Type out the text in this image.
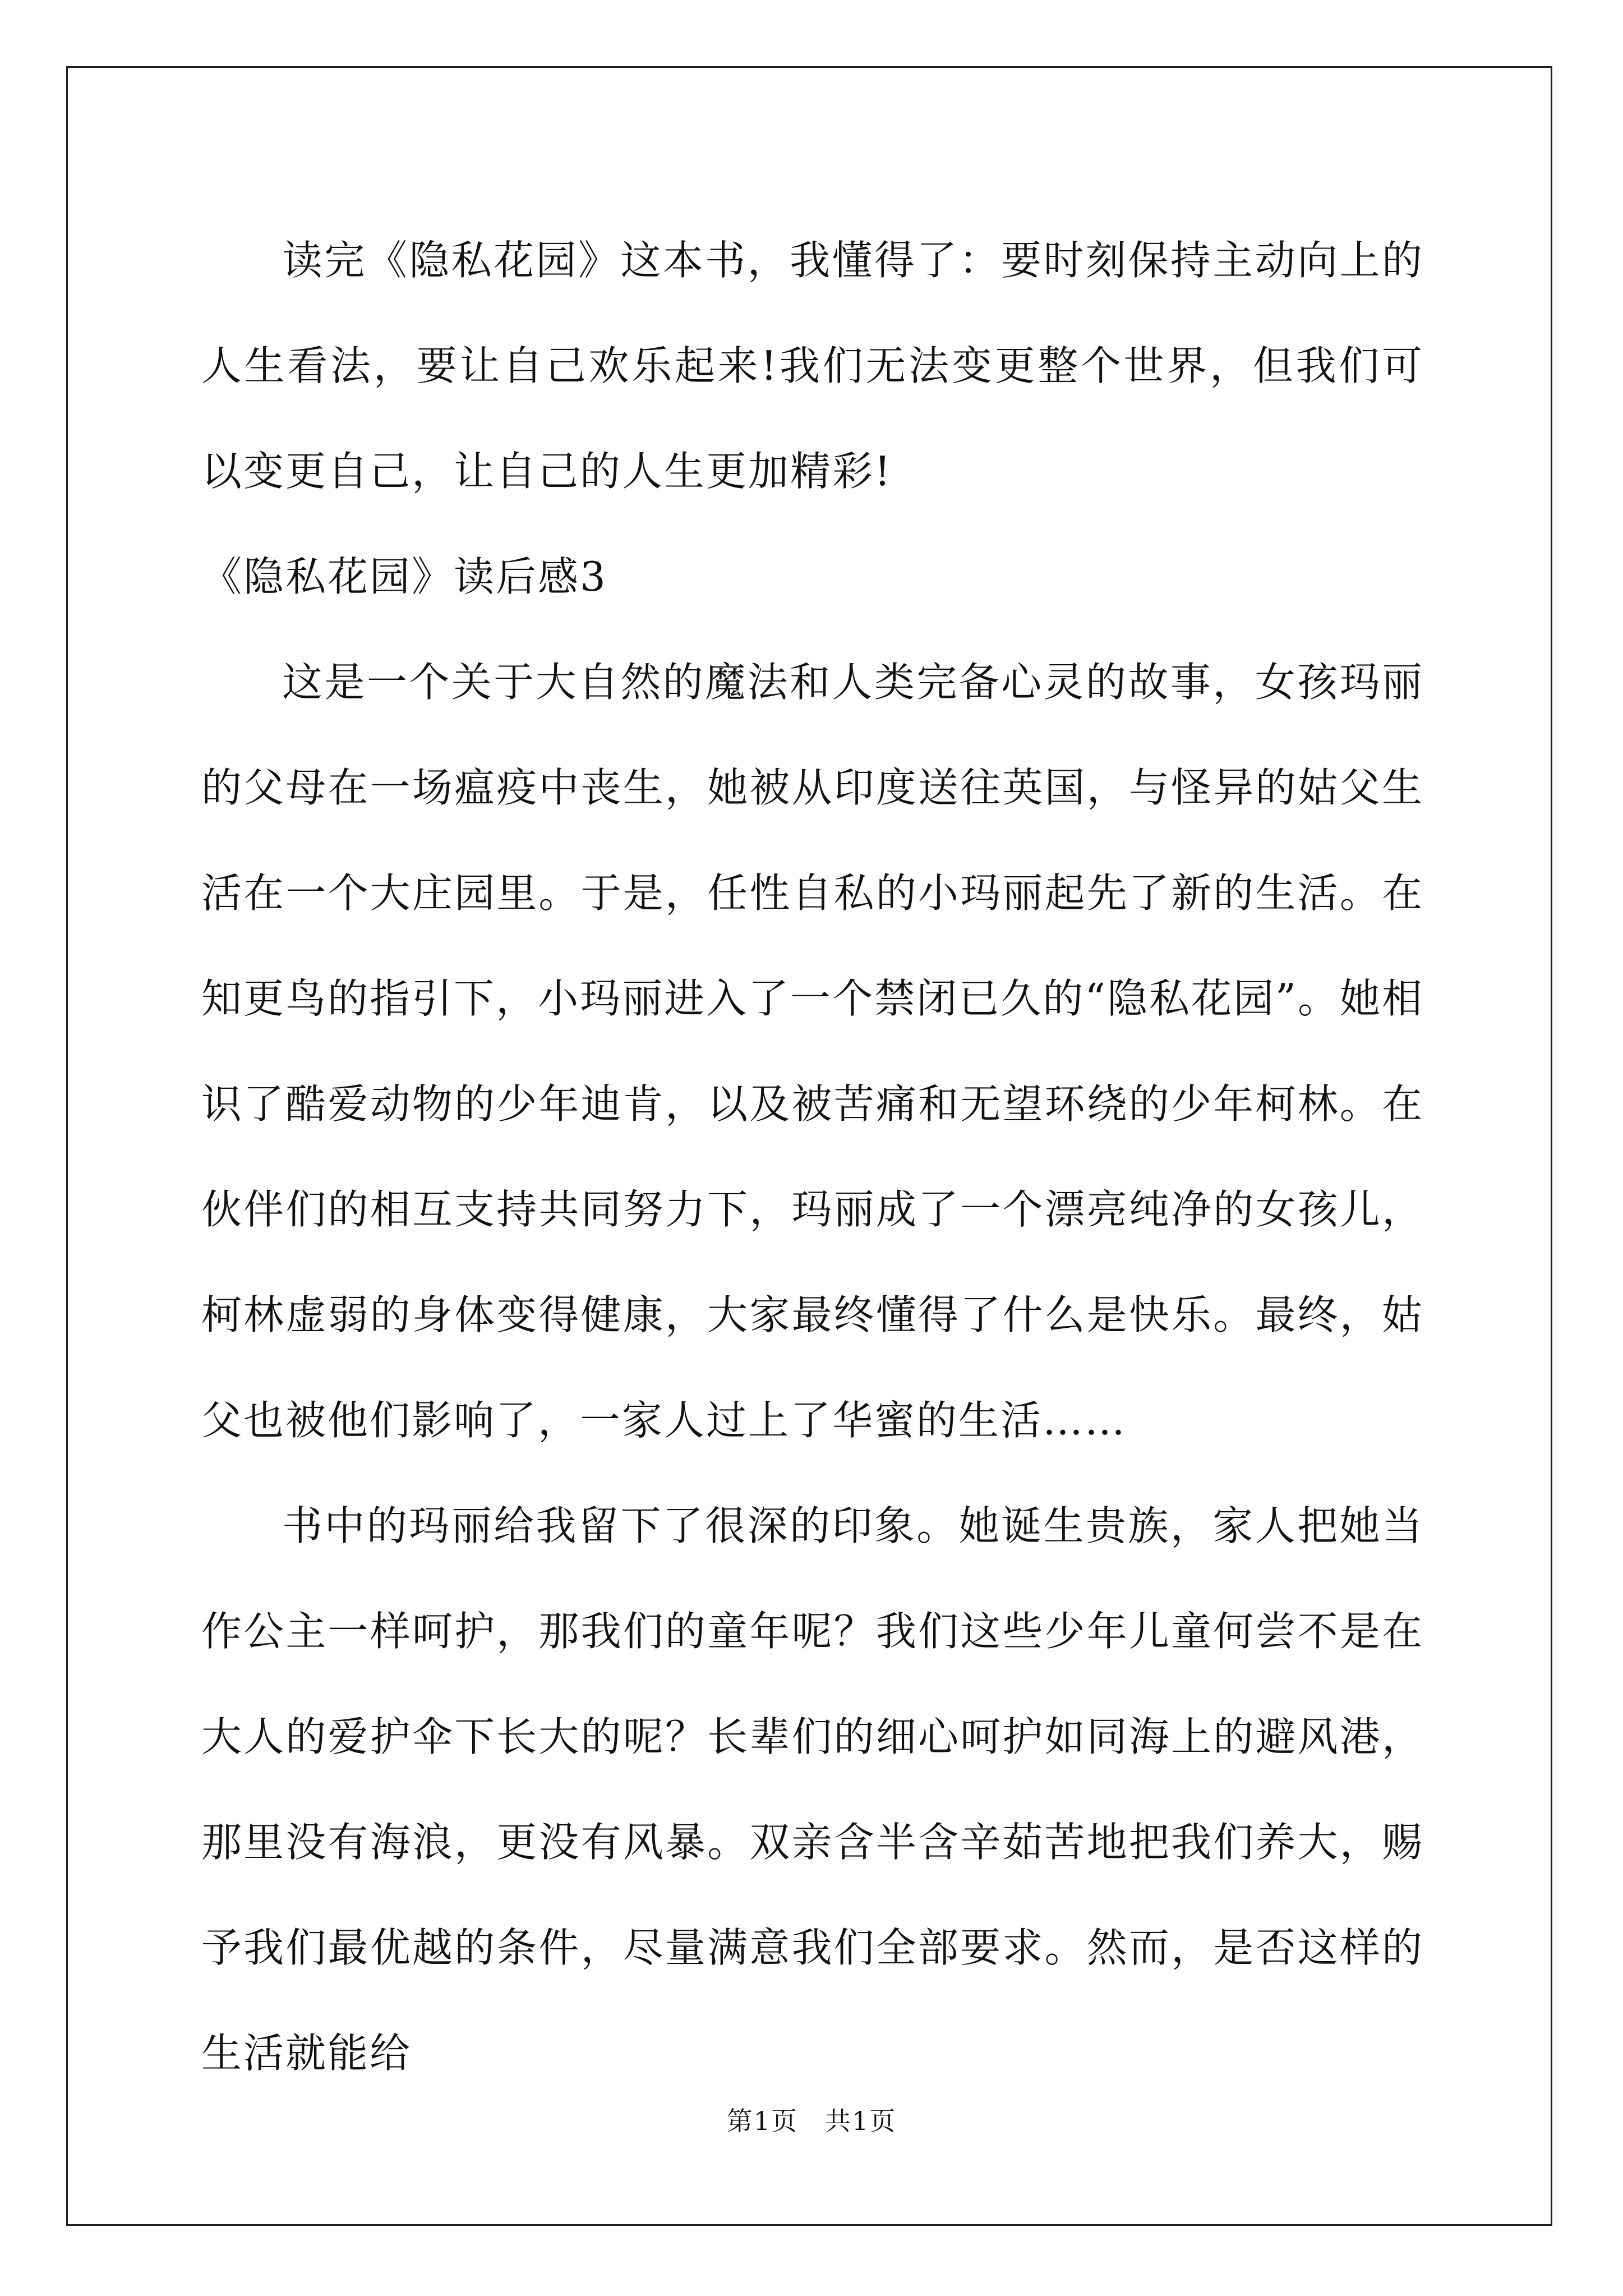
读完《隐私花园》这本书，我懂得了：要时刻保持主动向上的人生看法，要让自己欢乐起来!我们无法变更整个世界，但我们可以变更自己，让自己的人生更加精彩!

《隐私花园》读后感3

这是一个关于大自然的魔法和人类完备心灵的故事，女孩玛丽的父母在一场瘟疫中丧生，她被从印度送往英国，与怪异的姑父生活在一个大庄园里。于是，任性自私的小玛丽起先了新的生活。在知更鸟的指引下，小玛丽进入了一个禁闭已久的“隐私花园”。她相识了酷爱动物的少年迪肯，以及被苦痛和无望环绕的少年柯林。在伙伴们的相互支持共同努力下，玛丽成了一个漂亮纯净的女孩儿，柯林虚弱的身体变得健康，大家最终懂得了什么是快乐。最终，姑父也被他们影响了，一家人过上了华蜜的生活……

书中的玛丽给我留下了很深的印象。她诞生贵族，家人把她当作公主一样呵护，那我们的童年呢？我们这些少年儿童何尝不是在大人的爱护伞下长大的呢？长辈们的细心呵护如同海上的避风港，那里没有海浪，更没有风暴。双亲含半含辛茹苦地把我们养大，赐予我们最优越的条件，尽量满意我们全部要求。然而，是否这样的生活就能给

第1页　共1页
